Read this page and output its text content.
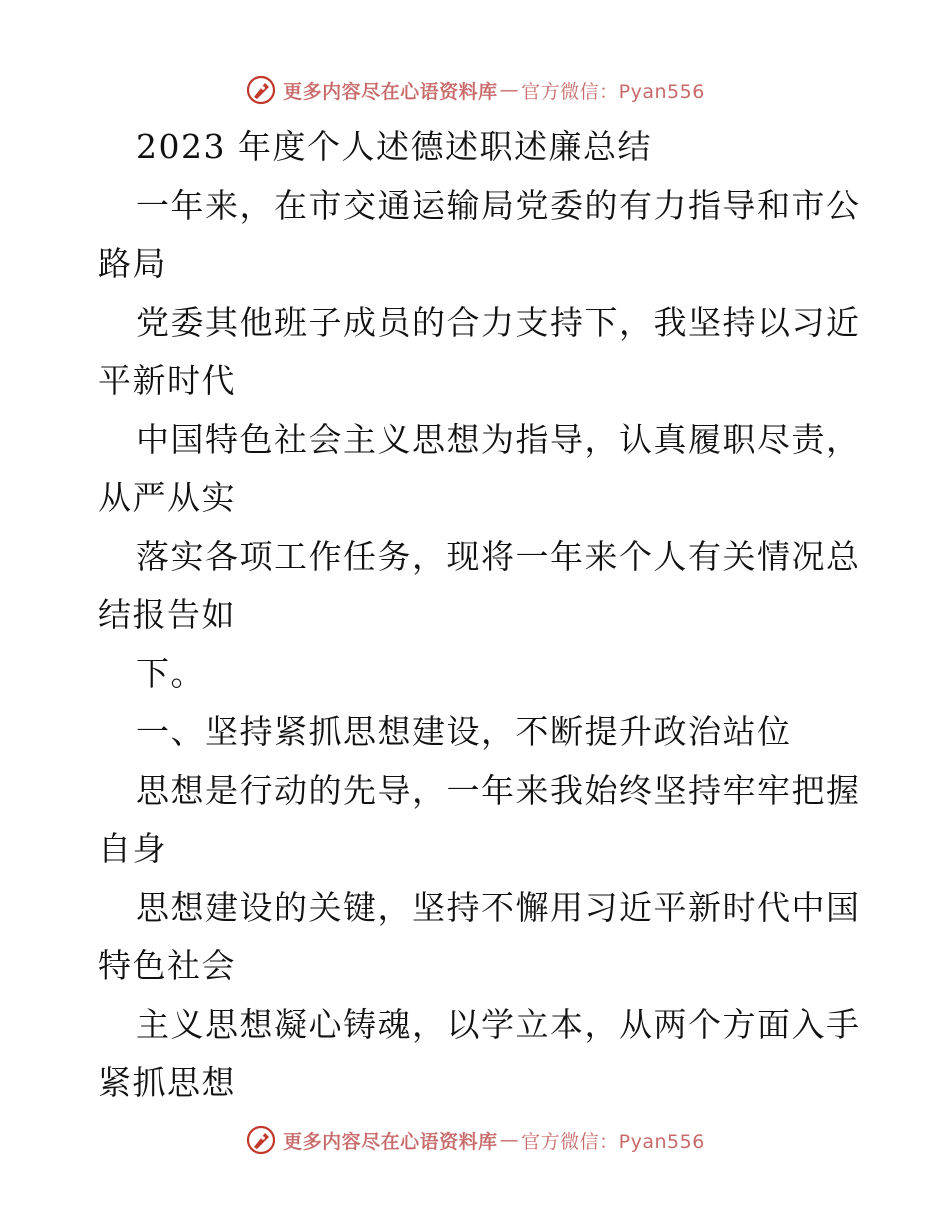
更多内容尽在心语资料库 — 官方微信：Pyan556
2023 年度个人述德述职述廉总结
一年来，在市交通运输局党委的有力指导和市公
路局
党委其他班子成员的合力支持下，我坚持以习近
平新时代
中国特色社会主义思想为指导，认真履职尽责，
从严从实
落实各项工作任务，现将一年来个人有关情况总
结报告如
下。
一、坚持紧抓思想建设，不断提升政治站位
思想是行动的先导，一年来我始终坚持牢牢把握
自身
思想建设的关键，坚持不懈用习近平新时代中国
特色社会
主义思想凝心铸魂，以学立本，从两个方面入手
紧抓思想
更多内容尽在心语资料库 — 官方微信：Pyan556
